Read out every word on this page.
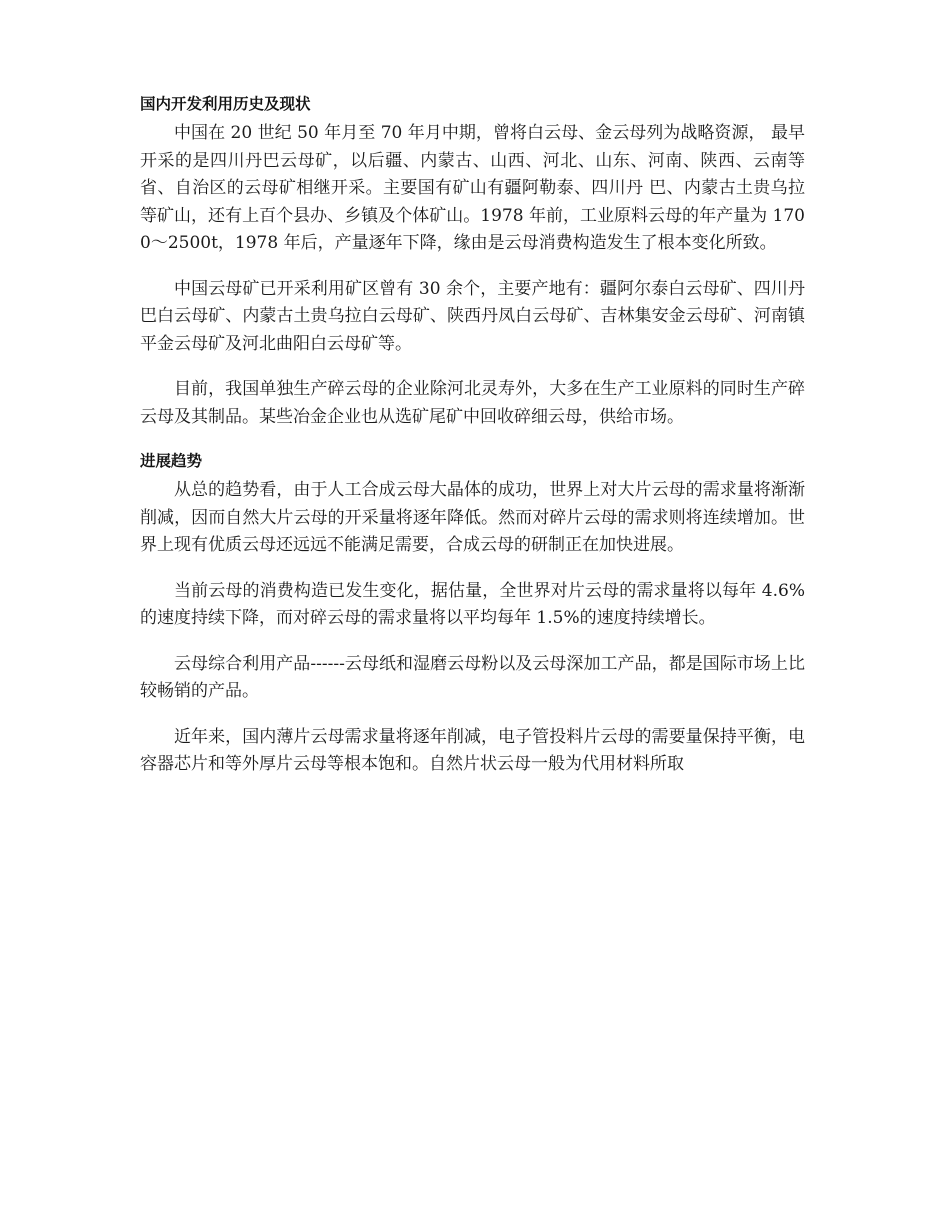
国内开发利用历史及现状

中国在 20 世纪 50 年月至 70 年月中期，曾将白云母、金云母列为战略资源， 最早开采的是四川丹巴云母矿，以后疆、内蒙古、山西、河北、山东、河南、陕西、云南等省、自治区的云母矿相继开采。主要国有矿山有疆阿勒泰、四川丹 巴、内蒙古土贵乌拉等矿山，还有上百个县办、乡镇及个体矿山。1978 年前，工业原料云母的年产量为 1700～2500t，1978 年后，产量逐年下降，缘由是云母消费构造发生了根本变化所致。

中国云母矿已开采利用矿区曾有 30 余个，主要产地有：疆阿尔泰白云母矿、四川丹巴白云母矿、内蒙古土贵乌拉白云母矿、陕西丹凤白云母矿、吉林集安金云母矿、河南镇平金云母矿及河北曲阳白云母矿等。

目前，我国单独生产碎云母的企业除河北灵寿外，大多在生产工业原料的同时生产碎云母及其制品。某些冶金企业也从选矿尾矿中回收碎细云母，供给市场。

进展趋势

从总的趋势看，由于人工合成云母大晶体的成功，世界上对大片云母的需求量将渐渐削减，因而自然大片云母的开采量将逐年降低。然而对碎片云母的需求则将连续增加。世界上现有优质云母还远远不能满足需要，合成云母的研制正在加快进展。

当前云母的消费构造已发生变化，据估量，全世界对片云母的需求量将以每年 4.6%的速度持续下降，而对碎云母的需求量将以平均每年 1.5%的速度持续增长。

云母综合利用产品------云母纸和湿磨云母粉以及云母深加工产品，都是国际市场上比较畅销的产品。

近年来，国内薄片云母需求量将逐年削减，电子管投料片云母的需要量保持平衡，电容器芯片和等外厚片云母等根本饱和。自然片状云母一般为代用材料所取
